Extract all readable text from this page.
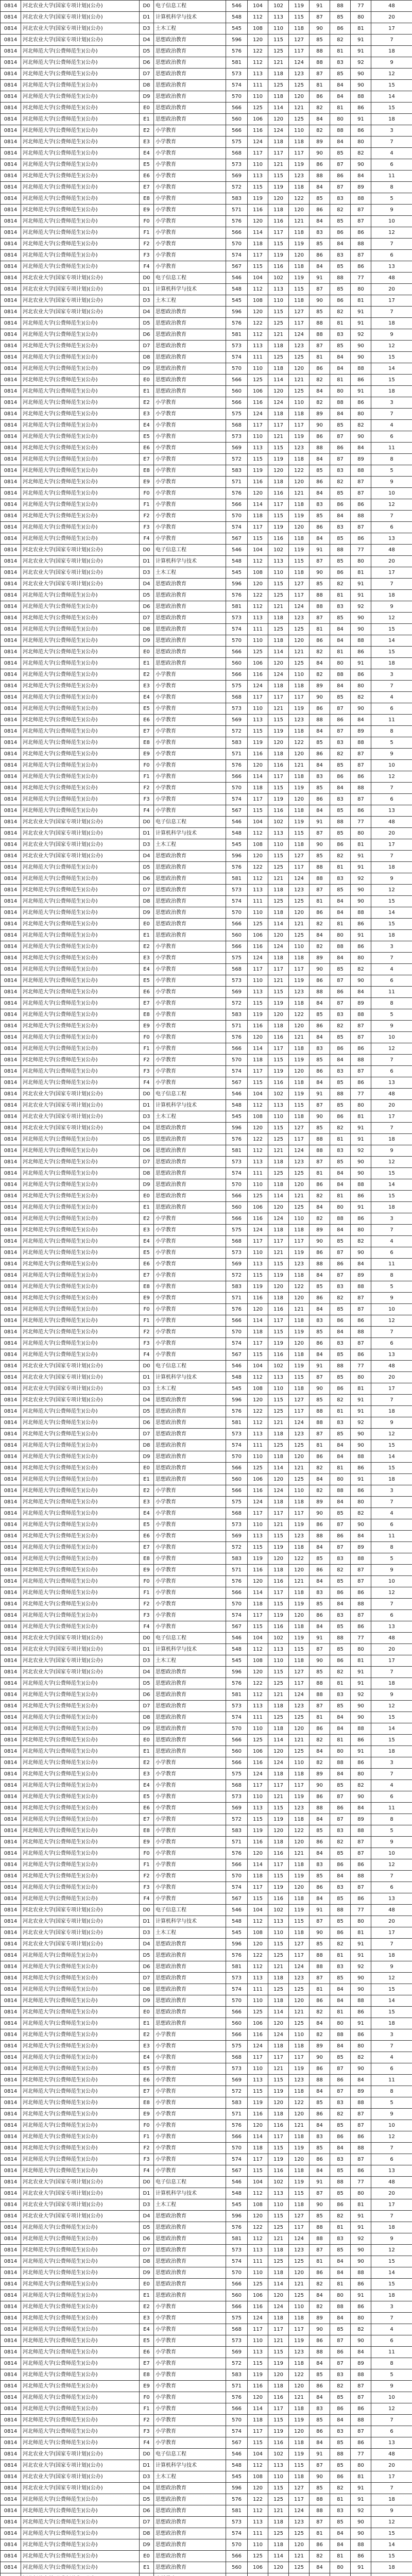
0814	河北农业大学(国家专项计划)(公办)	D0	电子信息工程	546	104	102	119	91	88	77	48
0814	河北农业大学(国家专项计划)(公办)	D1	计算机科学与技术	548	112	113	115	87	85	80	20
0814	河北农业大学(国家专项计划)(公办)	D3	土木工程	545	108	110	118	90	86	81	17
0814	河北农业大学(国家专项计划)(公办)	D4	思想政治教育	596	120	115	127	85	82	91	7
0814	河北师范大学(公费师范生)(公办)	D5	思想政治教育	576	122	125	117	88	81	91	18
0814	河北师范大学(公费师范生)(公办)	D6	思想政治教育	581	112	121	124	88	83	92	9
0814	河北师范大学(公费师范生)(公办)	D7	思想政治教育	573	113	118	123	87	85	90	12
0814	河北师范大学(公费师范生)(公办)	D8	思想政治教育	574	111	125	125	81	84	90	15
0814	河北师范大学(公费师范生)(公办)	D9	思想政治教育	570	110	118	120	86	84	88	14
0814	河北师范大学(公费师范生)(公办)	E0	思想政治教育	566	125	114	121	82	81	86	15
0814	河北师范大学(公费师范生)(公办)	E1	思想政治教育	560	106	120	125	84	80	91	18
0814	河北师范大学(公费师范生)(公办)	E2	小学教育	566	116	124	110	82	88	86	3
0814	河北师范大学(公费师范生)(公办)	E3	小学教育	575	124	118	118	89	84	80	7
0814	河北师范大学(公费师范生)(公办)	E4	小学教育	568	117	117	117	90	85	82	4
0814	河北师范大学(公费师范生)(公办)	E5	小学教育	573	110	121	119	86	87	90	6
0814	河北师范大学(公费师范生)(公办)	E6	小学教育	569	113	115	123	88	86	84	11
0814	河北师范大学(公费师范生)(公办)	E7	小学教育	572	115	119	118	84	87	89	8
0814	河北师范大学(公费师范生)(公办)	E8	小学教育	583	119	120	122	85	83	88	5
0814	河北师范大学(公费师范生)(公办)	E9	小学教育	571	116	118	120	86	82	87	9
0814	河北师范大学(公费师范生)(公办)	F0	小学教育	576	120	116	121	84	85	87	10
0814	河北师范大学(公费师范生)(公办)	F1	小学教育	566	114	117	118	83	86	86	12
0814	河北师范大学(公费师范生)(公办)	F2	小学教育	570	118	115	119	85	84	88	7
0814	河北师范大学(公费师范生)(公办)	F3	小学教育	574	117	119	120	86	83	87	6
0814	河北师范大学(公费师范生)(公办)	F4	小学教育	567	115	116	118	84	85	86	13
0814	河北农业大学(国家专项计划)(公办)	D0	电子信息工程	546	104	102	119	91	88	77	48
0814	河北农业大学(国家专项计划)(公办)	D1	计算机科学与技术	548	112	113	115	87	85	80	20
0814	河北农业大学(国家专项计划)(公办)	D3	土木工程	545	108	110	118	90	86	81	17
0814	河北农业大学(国家专项计划)(公办)	D4	思想政治教育	596	120	115	127	85	82	91	7
0814	河北师范大学(公费师范生)(公办)	D5	思想政治教育	576	122	125	117	88	81	91	18
0814	河北师范大学(公费师范生)(公办)	D6	思想政治教育	581	112	121	124	88	83	92	9
0814	河北师范大学(公费师范生)(公办)	D7	思想政治教育	573	113	118	123	87	85	90	12
0814	河北师范大学(公费师范生)(公办)	D8	思想政治教育	574	111	125	125	81	84	90	15
0814	河北师范大学(公费师范生)(公办)	D9	思想政治教育	570	110	118	120	86	84	88	14
0814	河北师范大学(公费师范生)(公办)	E0	思想政治教育	566	125	114	121	82	81	86	15
0814	河北师范大学(公费师范生)(公办)	E1	思想政治教育	560	106	120	125	84	80	91	18
0814	河北师范大学(公费师范生)(公办)	E2	小学教育	566	116	124	110	82	88	86	3
0814	河北师范大学(公费师范生)(公办)	E3	小学教育	575	124	118	118	89	84	80	7
0814	河北师范大学(公费师范生)(公办)	E4	小学教育	568	117	117	117	90	85	82	4
0814	河北师范大学(公费师范生)(公办)	E5	小学教育	573	110	121	119	86	87	90	6
0814	河北师范大学(公费师范生)(公办)	E6	小学教育	569	113	115	123	88	86	84	11
0814	河北师范大学(公费师范生)(公办)	E7	小学教育	572	115	119	118	84	87	89	8
0814	河北师范大学(公费师范生)(公办)	E8	小学教育	583	119	120	122	85	83	88	5
0814	河北师范大学(公费师范生)(公办)	E9	小学教育	571	116	118	120	86	82	87	9
0814	河北师范大学(公费师范生)(公办)	F0	小学教育	576	120	116	121	84	85	87	10
0814	河北师范大学(公费师范生)(公办)	F1	小学教育	566	114	117	118	83	86	86	12
0814	河北师范大学(公费师范生)(公办)	F2	小学教育	570	118	115	119	85	84	88	7
0814	河北师范大学(公费师范生)(公办)	F3	小学教育	574	117	119	120	86	83	87	6
0814	河北师范大学(公费师范生)(公办)	F4	小学教育	567	115	116	118	84	85	86	13
0814	河北农业大学(国家专项计划)(公办)	D0	电子信息工程	546	104	102	119	91	88	77	48
0814	河北农业大学(国家专项计划)(公办)	D1	计算机科学与技术	548	112	113	115	87	85	80	20
0814	河北农业大学(国家专项计划)(公办)	D3	土木工程	545	108	110	118	90	86	81	17
0814	河北农业大学(国家专项计划)(公办)	D4	思想政治教育	596	120	115	127	85	82	91	7
0814	河北师范大学(公费师范生)(公办)	D5	思想政治教育	576	122	125	117	88	81	91	18
0814	河北师范大学(公费师范生)(公办)	D6	思想政治教育	581	112	121	124	88	83	92	9
0814	河北师范大学(公费师范生)(公办)	D7	思想政治教育	573	113	118	123	87	85	90	12
0814	河北师范大学(公费师范生)(公办)	D8	思想政治教育	574	111	125	125	81	84	90	15
0814	河北师范大学(公费师范生)(公办)	D9	思想政治教育	570	110	118	120	86	84	88	14
0814	河北师范大学(公费师范生)(公办)	E0	思想政治教育	566	125	114	121	82	81	86	15
0814	河北师范大学(公费师范生)(公办)	E1	思想政治教育	560	106	120	125	84	80	91	18
0814	河北师范大学(公费师范生)(公办)	E2	小学教育	566	116	124	110	82	88	86	3
0814	河北师范大学(公费师范生)(公办)	E3	小学教育	575	124	118	118	89	84	80	7
0814	河北师范大学(公费师范生)(公办)	E4	小学教育	568	117	117	117	90	85	82	4
0814	河北师范大学(公费师范生)(公办)	E5	小学教育	573	110	121	119	86	87	90	6
0814	河北师范大学(公费师范生)(公办)	E6	小学教育	569	113	115	123	88	86	84	11
0814	河北师范大学(公费师范生)(公办)	E7	小学教育	572	115	119	118	84	87	89	8
0814	河北师范大学(公费师范生)(公办)	E8	小学教育	583	119	120	122	85	83	88	5
0814	河北师范大学(公费师范生)(公办)	E9	小学教育	571	116	118	120	86	82	87	9
0814	河北师范大学(公费师范生)(公办)	F0	小学教育	576	120	116	121	84	85	87	10
0814	河北师范大学(公费师范生)(公办)	F1	小学教育	566	114	117	118	83	86	86	12
0814	河北师范大学(公费师范生)(公办)	F2	小学教育	570	118	115	119	85	84	88	7
0814	河北师范大学(公费师范生)(公办)	F3	小学教育	574	117	119	120	86	83	87	6
0814	河北师范大学(公费师范生)(公办)	F4	小学教育	567	115	116	118	84	85	86	13
0814	河北农业大学(国家专项计划)(公办)	D0	电子信息工程	546	104	102	119	91	88	77	48
0814	河北农业大学(国家专项计划)(公办)	D1	计算机科学与技术	548	112	113	115	87	85	80	20
0814	河北农业大学(国家专项计划)(公办)	D3	土木工程	545	108	110	118	90	86	81	17
0814	河北农业大学(国家专项计划)(公办)	D4	思想政治教育	596	120	115	127	85	82	91	7
0814	河北师范大学(公费师范生)(公办)	D5	思想政治教育	576	122	125	117	88	81	91	18
0814	河北师范大学(公费师范生)(公办)	D6	思想政治教育	581	112	121	124	88	83	92	9
0814	河北师范大学(公费师范生)(公办)	D7	思想政治教育	573	113	118	123	87	85	90	12
0814	河北师范大学(公费师范生)(公办)	D8	思想政治教育	574	111	125	125	81	84	90	15
0814	河北师范大学(公费师范生)(公办)	D9	思想政治教育	570	110	118	120	86	84	88	14
0814	河北师范大学(公费师范生)(公办)	E0	思想政治教育	566	125	114	121	82	81	86	15
0814	河北师范大学(公费师范生)(公办)	E1	思想政治教育	560	106	120	125	84	80	91	18
0814	河北师范大学(公费师范生)(公办)	E2	小学教育	566	116	124	110	82	88	86	3
0814	河北师范大学(公费师范生)(公办)	E3	小学教育	575	124	118	118	89	84	80	7
0814	河北师范大学(公费师范生)(公办)	E4	小学教育	568	117	117	117	90	85	82	4
0814	河北师范大学(公费师范生)(公办)	E5	小学教育	573	110	121	119	86	87	90	6
0814	河北师范大学(公费师范生)(公办)	E6	小学教育	569	113	115	123	88	86	84	11
0814	河北师范大学(公费师范生)(公办)	E7	小学教育	572	115	119	118	84	87	89	8
0814	河北师范大学(公费师范生)(公办)	E8	小学教育	583	119	120	122	85	83	88	5
0814	河北师范大学(公费师范生)(公办)	E9	小学教育	571	116	118	120	86	82	87	9
0814	河北师范大学(公费师范生)(公办)	F0	小学教育	576	120	116	121	84	85	87	10
0814	河北师范大学(公费师范生)(公办)	F1	小学教育	566	114	117	118	83	86	86	12
0814	河北师范大学(公费师范生)(公办)	F2	小学教育	570	118	115	119	85	84	88	7
0814	河北师范大学(公费师范生)(公办)	F3	小学教育	574	117	119	120	86	83	87	6
0814	河北师范大学(公费师范生)(公办)	F4	小学教育	567	115	116	118	84	85	86	13
0814	河北农业大学(国家专项计划)(公办)	D0	电子信息工程	546	104	102	119	91	88	77	48
0814	河北农业大学(国家专项计划)(公办)	D1	计算机科学与技术	548	112	113	115	87	85	80	20
0814	河北农业大学(国家专项计划)(公办)	D3	土木工程	545	108	110	118	90	86	81	17
0814	河北农业大学(国家专项计划)(公办)	D4	思想政治教育	596	120	115	127	85	82	91	7
0814	河北师范大学(公费师范生)(公办)	D5	思想政治教育	576	122	125	117	88	81	91	18
0814	河北师范大学(公费师范生)(公办)	D6	思想政治教育	581	112	121	124	88	83	92	9
0814	河北师范大学(公费师范生)(公办)	D7	思想政治教育	573	113	118	123	87	85	90	12
0814	河北师范大学(公费师范生)(公办)	D8	思想政治教育	574	111	125	125	81	84	90	15
0814	河北师范大学(公费师范生)(公办)	D9	思想政治教育	570	110	118	120	86	84	88	14
0814	河北师范大学(公费师范生)(公办)	E0	思想政治教育	566	125	114	121	82	81	86	15
0814	河北师范大学(公费师范生)(公办)	E1	思想政治教育	560	106	120	125	84	80	91	18
0814	河北师范大学(公费师范生)(公办)	E2	小学教育	566	116	124	110	82	88	86	3
0814	河北师范大学(公费师范生)(公办)	E3	小学教育	575	124	118	118	89	84	80	7
0814	河北师范大学(公费师范生)(公办)	E4	小学教育	568	117	117	117	90	85	82	4
0814	河北师范大学(公费师范生)(公办)	E5	小学教育	573	110	121	119	86	87	90	6
0814	河北师范大学(公费师范生)(公办)	E6	小学教育	569	113	115	123	88	86	84	11
0814	河北师范大学(公费师范生)(公办)	E7	小学教育	572	115	119	118	84	87	89	8
0814	河北师范大学(公费师范生)(公办)	E8	小学教育	583	119	120	122	85	83	88	5
0814	河北师范大学(公费师范生)(公办)	E9	小学教育	571	116	118	120	86	82	87	9
0814	河北师范大学(公费师范生)(公办)	F0	小学教育	576	120	116	121	84	85	87	10
0814	河北师范大学(公费师范生)(公办)	F1	小学教育	566	114	117	118	83	86	86	12
0814	河北师范大学(公费师范生)(公办)	F2	小学教育	570	118	115	119	85	84	88	7
0814	河北师范大学(公费师范生)(公办)	F3	小学教育	574	117	119	120	86	83	87	6
0814	河北师范大学(公费师范生)(公办)	F4	小学教育	567	115	116	118	84	85	86	13
0814	河北农业大学(国家专项计划)(公办)	D0	电子信息工程	546	104	102	119	91	88	77	48
0814	河北农业大学(国家专项计划)(公办)	D1	计算机科学与技术	548	112	113	115	87	85	80	20
0814	河北农业大学(国家专项计划)(公办)	D3	土木工程	545	108	110	118	90	86	81	17
0814	河北农业大学(国家专项计划)(公办)	D4	思想政治教育	596	120	115	127	85	82	91	7
0814	河北师范大学(公费师范生)(公办)	D5	思想政治教育	576	122	125	117	88	81	91	18
0814	河北师范大学(公费师范生)(公办)	D6	思想政治教育	581	112	121	124	88	83	92	9
0814	河北师范大学(公费师范生)(公办)	D7	思想政治教育	573	113	118	123	87	85	90	12
0814	河北师范大学(公费师范生)(公办)	D8	思想政治教育	574	111	125	125	81	84	90	15
0814	河北师范大学(公费师范生)(公办)	D9	思想政治教育	570	110	118	120	86	84	88	14
0814	河北师范大学(公费师范生)(公办)	E0	思想政治教育	566	125	114	121	82	81	86	15
0814	河北师范大学(公费师范生)(公办)	E1	思想政治教育	560	106	120	125	84	80	91	18
0814	河北师范大学(公费师范生)(公办)	E2	小学教育	566	116	124	110	82	88	86	3
0814	河北师范大学(公费师范生)(公办)	E3	小学教育	575	124	118	118	89	84	80	7
0814	河北师范大学(公费师范生)(公办)	E4	小学教育	568	117	117	117	90	85	82	4
0814	河北师范大学(公费师范生)(公办)	E5	小学教育	573	110	121	119	86	87	90	6
0814	河北师范大学(公费师范生)(公办)	E6	小学教育	569	113	115	123	88	86	84	11
0814	河北师范大学(公费师范生)(公办)	E7	小学教育	572	115	119	118	84	87	89	8
0814	河北师范大学(公费师范生)(公办)	E8	小学教育	583	119	120	122	85	83	88	5
0814	河北师范大学(公费师范生)(公办)	E9	小学教育	571	116	118	120	86	82	87	9
0814	河北师范大学(公费师范生)(公办)	F0	小学教育	576	120	116	121	84	85	87	10
0814	河北师范大学(公费师范生)(公办)	F1	小学教育	566	114	117	118	83	86	86	12
0814	河北师范大学(公费师范生)(公办)	F2	小学教育	570	118	115	119	85	84	88	7
0814	河北师范大学(公费师范生)(公办)	F3	小学教育	574	117	119	120	86	83	87	6
0814	河北师范大学(公费师范生)(公办)	F4	小学教育	567	115	116	118	84	85	86	13
0814	河北农业大学(国家专项计划)(公办)	D0	电子信息工程	546	104	102	119	91	88	77	48
0814	河北农业大学(国家专项计划)(公办)	D1	计算机科学与技术	548	112	113	115	87	85	80	20
0814	河北农业大学(国家专项计划)(公办)	D3	土木工程	545	108	110	118	90	86	81	17
0814	河北农业大学(国家专项计划)(公办)	D4	思想政治教育	596	120	115	127	85	82	91	7
0814	河北师范大学(公费师范生)(公办)	D5	思想政治教育	576	122	125	117	88	81	91	18
0814	河北师范大学(公费师范生)(公办)	D6	思想政治教育	581	112	121	124	88	83	92	9
0814	河北师范大学(公费师范生)(公办)	D7	思想政治教育	573	113	118	123	87	85	90	12
0814	河北师范大学(公费师范生)(公办)	D8	思想政治教育	574	111	125	125	81	84	90	15
0814	河北师范大学(公费师范生)(公办)	D9	思想政治教育	570	110	118	120	86	84	88	14
0814	河北师范大学(公费师范生)(公办)	E0	思想政治教育	566	125	114	121	82	81	86	15
0814	河北师范大学(公费师范生)(公办)	E1	思想政治教育	560	106	120	125	84	80	91	18
0814	河北师范大学(公费师范生)(公办)	E2	小学教育	566	116	124	110	82	88	86	3
0814	河北师范大学(公费师范生)(公办)	E3	小学教育	575	124	118	118	89	84	80	7
0814	河北师范大学(公费师范生)(公办)	E4	小学教育	568	117	117	117	90	85	82	4
0814	河北师范大学(公费师范生)(公办)	E5	小学教育	573	110	121	119	86	87	90	6
0814	河北师范大学(公费师范生)(公办)	E6	小学教育	569	113	115	123	88	86	84	11
0814	河北师范大学(公费师范生)(公办)	E7	小学教育	572	115	119	118	84	87	89	8
0814	河北师范大学(公费师范生)(公办)	E8	小学教育	583	119	120	122	85	83	88	5
0814	河北师范大学(公费师范生)(公办)	E9	小学教育	571	116	118	120	86	82	87	9
0814	河北师范大学(公费师范生)(公办)	F0	小学教育	576	120	116	121	84	85	87	10
0814	河北师范大学(公费师范生)(公办)	F1	小学教育	566	114	117	118	83	86	86	12
0814	河北师范大学(公费师范生)(公办)	F2	小学教育	570	118	115	119	85	84	88	7
0814	河北师范大学(公费师范生)(公办)	F3	小学教育	574	117	119	120	86	83	87	6
0814	河北师范大学(公费师范生)(公办)	F4	小学教育	567	115	116	118	84	85	86	13
0814	河北农业大学(国家专项计划)(公办)	D0	电子信息工程	546	104	102	119	91	88	77	48
0814	河北农业大学(国家专项计划)(公办)	D1	计算机科学与技术	548	112	113	115	87	85	80	20
0814	河北农业大学(国家专项计划)(公办)	D3	土木工程	545	108	110	118	90	86	81	17
0814	河北农业大学(国家专项计划)(公办)	D4	思想政治教育	596	120	115	127	85	82	91	7
0814	河北师范大学(公费师范生)(公办)	D5	思想政治教育	576	122	125	117	88	81	91	18
0814	河北师范大学(公费师范生)(公办)	D6	思想政治教育	581	112	121	124	88	83	92	9
0814	河北师范大学(公费师范生)(公办)	D7	思想政治教育	573	113	118	123	87	85	90	12
0814	河北师范大学(公费师范生)(公办)	D8	思想政治教育	574	111	125	125	81	84	90	15
0814	河北师范大学(公费师范生)(公办)	D9	思想政治教育	570	110	118	120	86	84	88	14
0814	河北师范大学(公费师范生)(公办)	E0	思想政治教育	566	125	114	121	82	81	86	15
0814	河北师范大学(公费师范生)(公办)	E1	思想政治教育	560	106	120	125	84	80	91	18
0814	河北师范大学(公费师范生)(公办)	E2	小学教育	566	116	124	110	82	88	86	3
0814	河北师范大学(公费师范生)(公办)	E3	小学教育	575	124	118	118	89	84	80	7
0814	河北师范大学(公费师范生)(公办)	E4	小学教育	568	117	117	117	90	85	82	4
0814	河北师范大学(公费师范生)(公办)	E5	小学教育	573	110	121	119	86	87	90	6
0814	河北师范大学(公费师范生)(公办)	E6	小学教育	569	113	115	123	88	86	84	11
0814	河北师范大学(公费师范生)(公办)	E7	小学教育	572	115	119	118	84	87	89	8
0814	河北师范大学(公费师范生)(公办)	E8	小学教育	583	119	120	122	85	83	88	5
0814	河北师范大学(公费师范生)(公办)	E9	小学教育	571	116	118	120	86	82	87	9
0814	河北师范大学(公费师范生)(公办)	F0	小学教育	576	120	116	121	84	85	87	10
0814	河北师范大学(公费师范生)(公办)	F1	小学教育	566	114	117	118	83	86	86	12
0814	河北师范大学(公费师范生)(公办)	F2	小学教育	570	118	115	119	85	84	88	7
0814	河北师范大学(公费师范生)(公办)	F3	小学教育	574	117	119	120	86	83	87	6
0814	河北师范大学(公费师范生)(公办)	F4	小学教育	567	115	116	118	84	85	86	13
0814	河北农业大学(国家专项计划)(公办)	D0	电子信息工程	546	104	102	119	91	88	77	48
0814	河北农业大学(国家专项计划)(公办)	D1	计算机科学与技术	548	112	113	115	87	85	80	20
0814	河北农业大学(国家专项计划)(公办)	D3	土木工程	545	108	110	118	90	86	81	17
0814	河北农业大学(国家专项计划)(公办)	D4	思想政治教育	596	120	115	127	85	82	91	7
0814	河北师范大学(公费师范生)(公办)	D5	思想政治教育	576	122	125	117	88	81	91	18
0814	河北师范大学(公费师范生)(公办)	D6	思想政治教育	581	112	121	124	88	83	92	9
0814	河北师范大学(公费师范生)(公办)	D7	思想政治教育	573	113	118	123	87	85	90	12
0814	河北师范大学(公费师范生)(公办)	D8	思想政治教育	574	111	125	125	81	84	90	15
0814	河北师范大学(公费师范生)(公办)	D9	思想政治教育	570	110	118	120	86	84	88	14
0814	河北师范大学(公费师范生)(公办)	E0	思想政治教育	566	125	114	121	82	81	86	15
0814	河北师范大学(公费师范生)(公办)	E1	思想政治教育	560	106	120	125	84	80	91	18
0814	河北师范大学(公费师范生)(公办)	E2	小学教育	566	116	124	110	82	88	86	3
0814	河北师范大学(公费师范生)(公办)	E3	小学教育	575	124	118	118	89	84	80	7
0814	河北师范大学(公费师范生)(公办)	E4	小学教育	568	117	117	117	90	85	82	4
0814	河北师范大学(公费师范生)(公办)	E5	小学教育	573	110	121	119	86	87	90	6
0814	河北师范大学(公费师范生)(公办)	E6	小学教育	569	113	115	123	88	86	84	11
0814	河北师范大学(公费师范生)(公办)	E7	小学教育	572	115	119	118	84	87	89	8
0814	河北师范大学(公费师范生)(公办)	E8	小学教育	583	119	120	122	85	83	88	5
0814	河北师范大学(公费师范生)(公办)	E9	小学教育	571	116	118	120	86	82	87	9
0814	河北师范大学(公费师范生)(公办)	F0	小学教育	576	120	116	121	84	85	87	10
0814	河北师范大学(公费师范生)(公办)	F1	小学教育	566	114	117	118	83	86	86	12
0814	河北师范大学(公费师范生)(公办)	F2	小学教育	570	118	115	119	85	84	88	7
0814	河北师范大学(公费师范生)(公办)	F3	小学教育	574	117	119	120	86	83	87	6
0814	河北师范大学(公费师范生)(公办)	F4	小学教育	567	115	116	118	84	85	86	13
0814	河北农业大学(国家专项计划)(公办)	D0	电子信息工程	546	104	102	119	91	88	77	48
0814	河北农业大学(国家专项计划)(公办)	D1	计算机科学与技术	548	112	113	115	87	85	80	20
0814	河北农业大学(国家专项计划)(公办)	D3	土木工程	545	108	110	118	90	86	81	17
0814	河北农业大学(国家专项计划)(公办)	D4	思想政治教育	596	120	115	127	85	82	91	7
0814	河北师范大学(公费师范生)(公办)	D5	思想政治教育	576	122	125	117	88	81	91	18
0814	河北师范大学(公费师范生)(公办)	D6	思想政治教育	581	112	121	124	88	83	92	9
0814	河北师范大学(公费师范生)(公办)	D7	思想政治教育	573	113	118	123	87	85	90	12
0814	河北师范大学(公费师范生)(公办)	D8	思想政治教育	574	111	125	125	81	84	90	15
0814	河北师范大学(公费师范生)(公办)	D9	思想政治教育	570	110	118	120	86	84	88	14
0814	河北师范大学(公费师范生)(公办)	E0	思想政治教育	566	125	114	121	82	81	86	15
0814	河北师范大学(公费师范生)(公办)	E1	思想政治教育	560	106	120	125	84	80	91	18
